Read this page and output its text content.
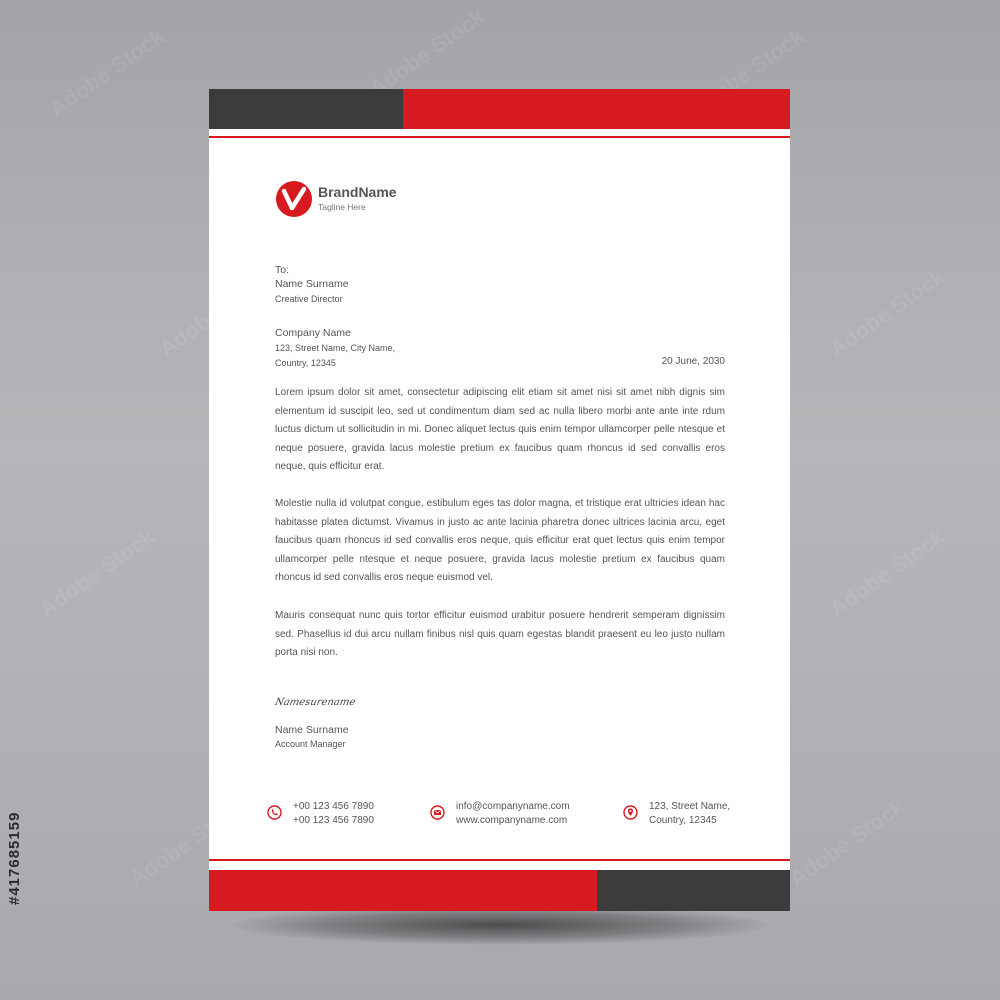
Adobe Stock	Adobe Stock	Adobe Stock
Adobe	Adobe Stock
Adobe Stock	Adobe Stock
Adobe Stock	Adobe Stock
BrandName
Tagline Here
To:
Name Surname
Creative Director
Company Name
123, Street Name, City Name,
Country, 12345	20 June, 2030

Lorem ipsum dolor sit amet, consectetur adipiscing elit etiam sit amet nisi sit amet nibh dignis sim elementum id suscipit leo, sed ut condimentum diam sed ac nulla libero morbi ante ante inte rdum luctus dictum ut sollicitudin in mi. Donec aliquet lectus quis enim tempor ullamcorper pelle ntesque et neque posuere, gravida lacus molestie pretium ex faucibus quam rhoncus id sed convallis eros neque, quis efficitur erat.

Molestie nulla id volutpat congue, estibulum eges tas dolor magna, et tristique erat ultricies idean hac habitasse platea dictumst. Vivamus in justo ac ante lacinia pharetra donec ultrices lacinia arcu, eget faucibus quam rhoncus id sed convallis eros neque, quis efficitur erat quet lectus quis enim tempor ullamcorper pelle ntesque et neque posuere, gravida lacus molestie pretium ex faucibus quam rhoncus id sed convallis eros neque euismod vel.

Mauris consequat nunc quis tortor efficitur euismod urabitur posuere hendrerit semperam dignissim sed. Phasellus id dui arcu nullam finibus nisl quis quam egestas blandit praesent eu leo justo nullam porta nisi non.

Namesurename
Name Surname
Account Manager
+00 123 456 7890
+00 123 456 7890
info@companyname.com
www.companyname.com
123, Street Name,
Country, 12345
#417685159
